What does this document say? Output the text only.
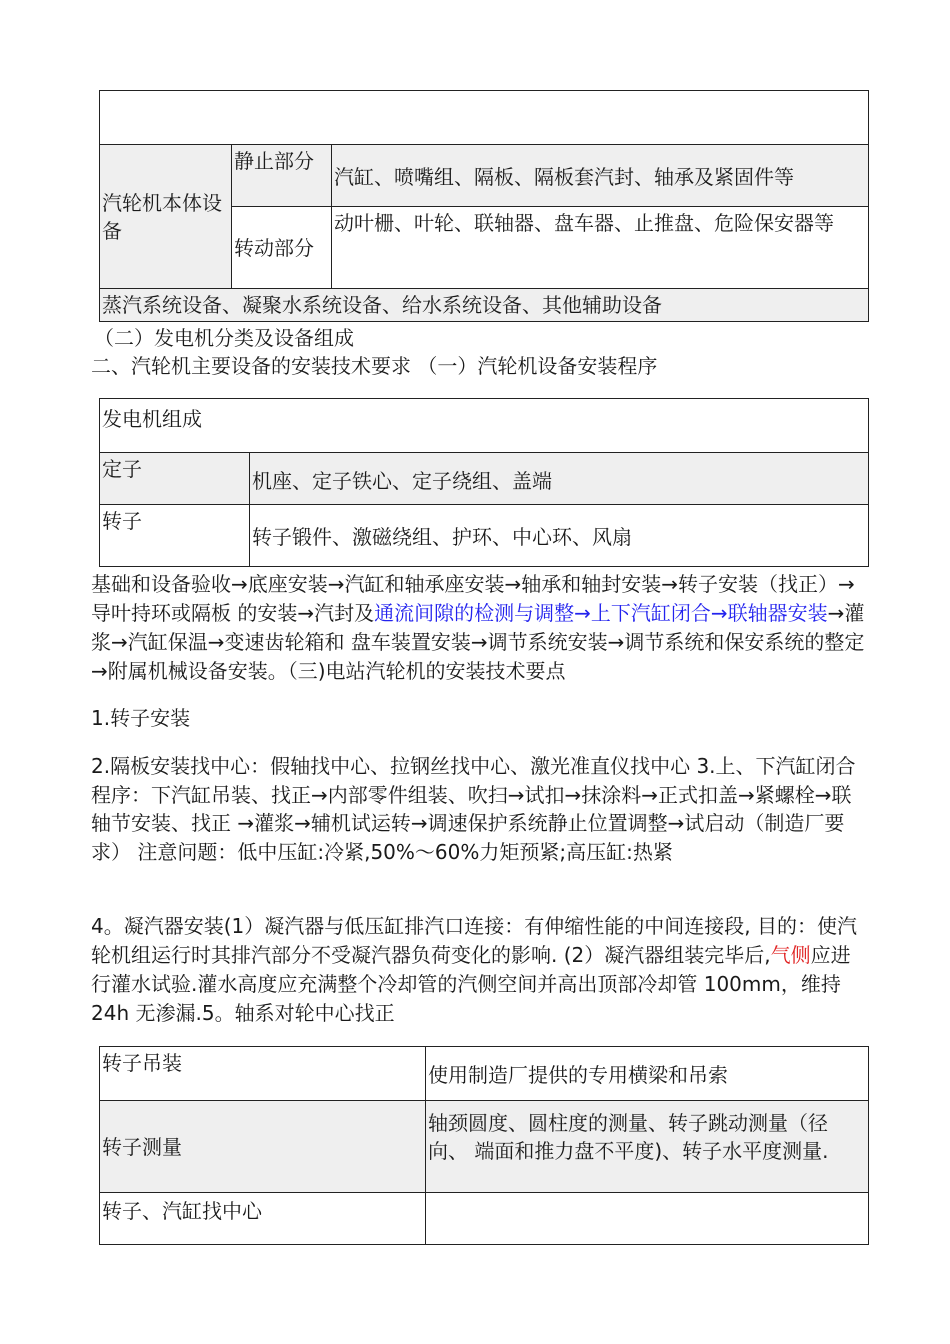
汽轮机本体设备	静止部分	汽缸、喷嘴组、隔板、隔板套汽封、轴承及紧固件等
	转动部分	动叶栅、叶轮、联轴器、盘车器、止推盘、危险保安器等
蒸汽系统设备、凝聚水系统设备、给水系统设备、其他辅助设备		
（二）发电机分类及设备组成
二、汽轮机主要设备的安装技术要求 （一）汽轮机设备安装程序
发电机组成	
定子	机座、定子铁心、定子绕组、盖端
转子	转子锻件、激磁绕组、护环、中心环、风扇
基础和设备验收→底座安装→汽缸和轴承座安装→轴承和轴封安装→转子安装（找正）→导叶持环或隔板 的安装→汽封及通流间隙的检测与调整→上下汽缸闭合→联轴器安装→灌浆→汽缸保温→变速齿轮箱和 盘车装置安装→调节系统安装→调节系统和保安系统的整定→附属机械设备安装。（三)电站汽轮机的安装技术要点
1.转子安装
2.隔板安装找中心：假轴找中心、拉钢丝找中心、激光准直仪找中心 3.上、下汽缸闭合 程序：下汽缸吊装、找正→内部零件组装、吹扫→试扣→抹涂料→正式扣盖→紧螺栓→联轴节安装、找正 →灌浆→辅机试运转→调速保护系统静止位置调整→试启动（制造厂要求） 注意问题：低中压缸:冷紧,50%～60%力矩预紧;高压缸:热紧
4。凝汽器安装(1）凝汽器与低压缸排汽口连接：有伸缩性能的中间连接段, 目的：使汽轮机组运行时其排汽部分不受凝汽器负荷变化的影响. (2）凝汽器组装完毕后,气侧应进行灌水试验.灌水高度应充满整个冷却管的汽侧空间并高出顶部冷却管 100mm，维持 24h 无渗漏.5。轴系对轮中心找正
转子吊装	使用制造厂提供的专用横梁和吊索
转子测量	轴颈圆度、圆柱度的测量、转子跳动测量（径向、 端面和推力盘不平度)、转子水平度测量.
转子、汽缸找中心	
